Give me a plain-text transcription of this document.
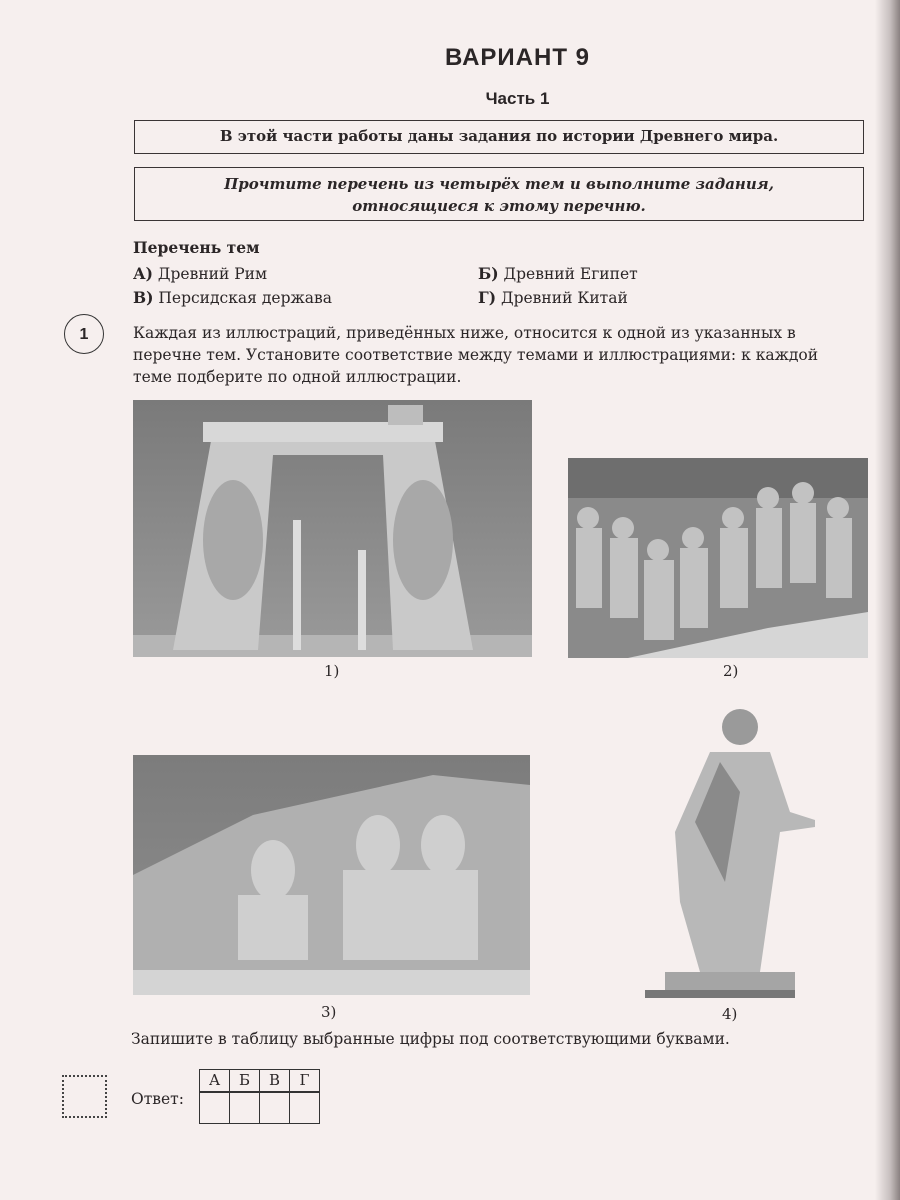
ВАРИАНТ 9
Часть 1
В этой части работы даны задания по истории Древнего мира.
Прочтите перечень из четырёх тем и выполните задания,
относящиеся к этому перечню.
Перечень тем
А) Древний Рим	Б) Древний Египет
В) Персидская держава	Г) Древний Китай
1	Каждая из иллюстраций, приведённых ниже, относится к одной из указанных в перечне тем. Установите соответствие между темами и иллюстрациями: к каждой теме подберите по одной иллюстрации.
1)	2)
3)	4)
Запишите в таблицу выбранные цифры под соответствующими буквами.
Ответ:
А	Б	В	Г
